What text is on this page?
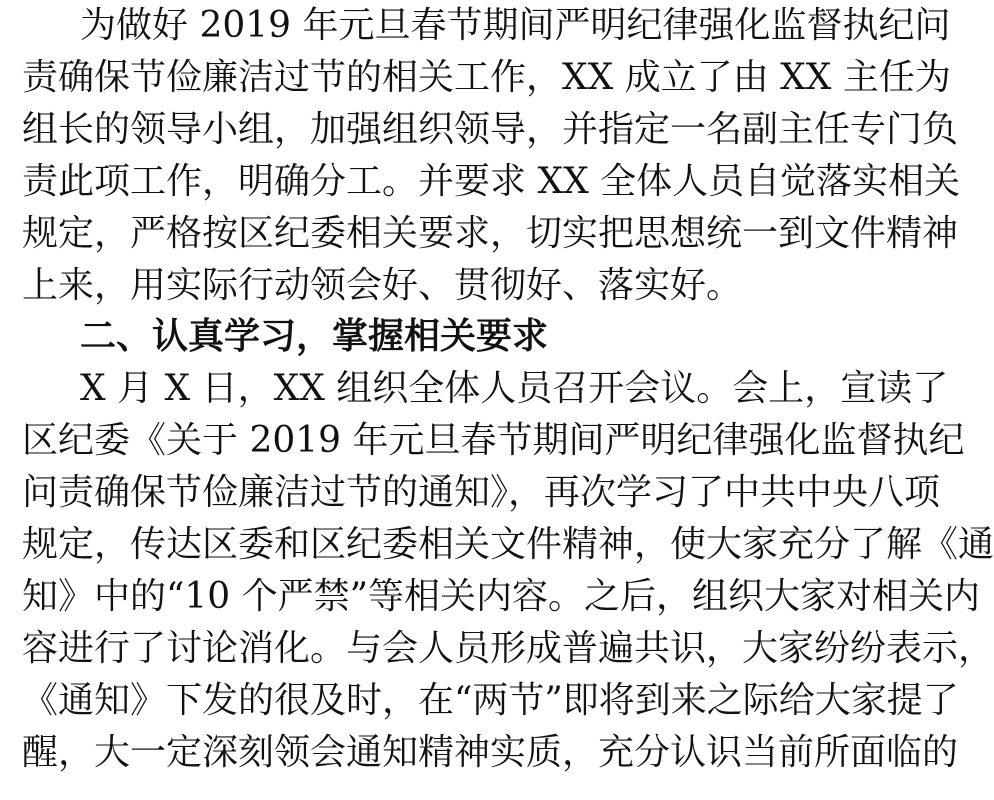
为做好 2019 年元旦春节期间严明纪律强化监督执纪问
责确保节俭廉洁过节的相关工作，XX 成立了由 XX 主任为
组长的领导小组，加强组织领导，并指定一名副主任专门负
责此项工作，明确分工。并要求 XX 全体人员自觉落实相关
规定，严格按区纪委相关要求，切实把思想统一到文件精神
上来，用实际行动领会好、贯彻好、落实好。
二、认真学习，掌握相关要求
X 月 X 日，XX 组织全体人员召开会议。会上，宣读了
区纪委《关于 2019 年元旦春节期间严明纪律强化监督执纪
问责确保节俭廉洁过节的通知》，再次学习了中共中央八项
规定，传达区委和区纪委相关文件精神，使大家充分了解《通
知》中的“10 个严禁”等相关内容。之后，组织大家对相关内
容进行了讨论消化。与会人员形成普遍共识，大家纷纷表示，
《通知》下发的很及时，在“两节”即将到来之际给大家提了
醒，大一定深刻领会通知精神实质，充分认识当前所面临的
